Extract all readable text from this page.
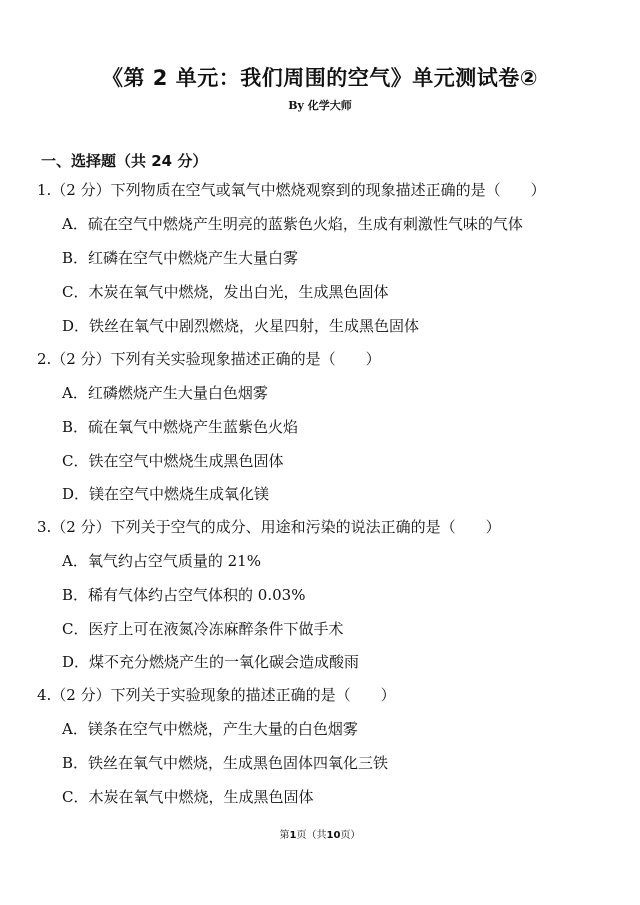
《第 2 单元：我们周围的空气》单元测试卷②
By 化学大师
一、选择题（共 24 分）
1.（2 分）下列物质在空气或氧气中燃烧观察到的现象描述正确的是（　　）
A．硫在空气中燃烧产生明亮的蓝紫色火焰，生成有刺激性气味的气体
B．红磷在空气中燃烧产生大量白雾
C．木炭在氧气中燃烧，发出白光，生成黑色固体
D．铁丝在氧气中剧烈燃烧，火星四射，生成黑色固体
2.（2 分）下列有关实验现象描述正确的是（　　）
A．红磷燃烧产生大量白色烟雾
B．硫在氧气中燃烧产生蓝紫色火焰
C．铁在空气中燃烧生成黑色固体
D．镁在空气中燃烧生成氧化镁
3.（2 分）下列关于空气的成分、用途和污染的说法正确的是（　　）
A．氧气约占空气质量的 21%
B．稀有气体约占空气体积的 0.03%
C．医疗上可在液氮冷冻麻醉条件下做手术
D．煤不充分燃烧产生的一氧化碳会造成酸雨
4.（2 分）下列关于实验现象的描述正确的是（　　）
A．镁条在空气中燃烧，产生大量的白色烟雾
B．铁丝在氧气中燃烧，生成黑色固体四氧化三铁
C．木炭在氧气中燃烧，生成黑色固体
第1页（共10页）
